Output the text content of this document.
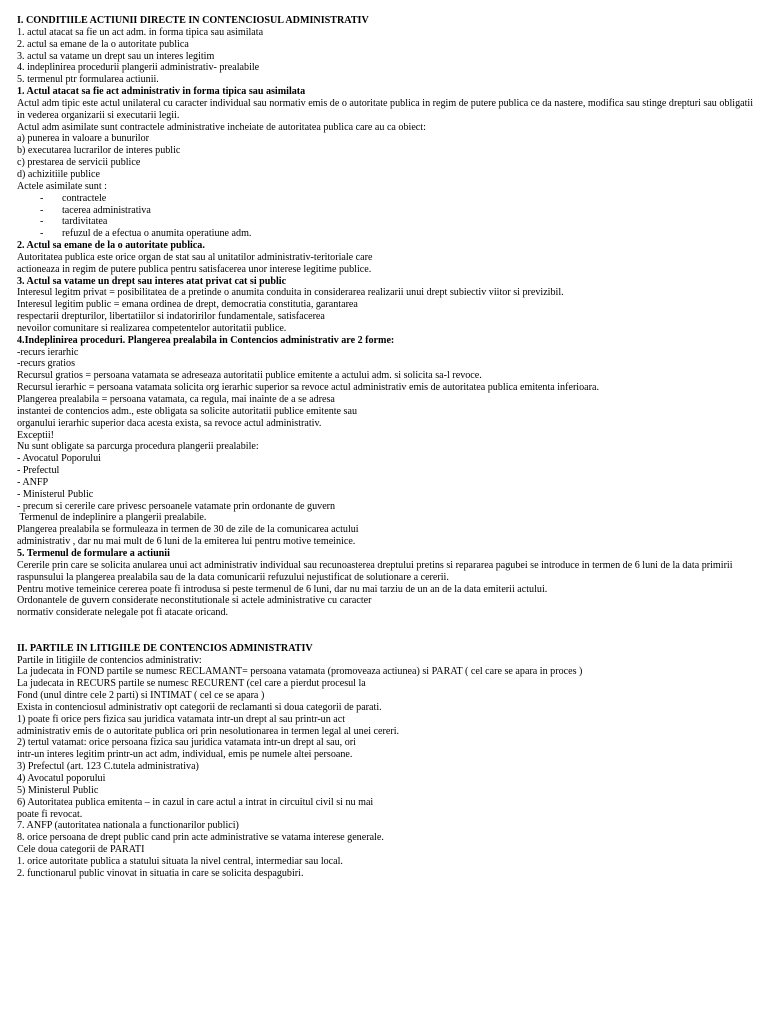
I. CONDITIILE ACTIUNII DIRECTE IN CONTENCIOSUL ADMINISTRATIV
1. actul atacat sa fie un act adm. in forma tipica sau asimilata
2. actul sa emane de la o autoritate publica
3. actul sa vatame un drept sau un interes legitim
4. indeplinirea procedurii plangerii administrativ- prealabile
5. termenul ptr formularea actiunii.
1. Actul atacat sa fie act administrativ in forma tipica sau asimilata
Actul adm tipic este actul unilateral cu caracter individual sau normativ emis de o autoritate publica in regim de putere publica ce da nastere, modifica sau stinge drepturi sau obligatii in vederea organizarii si executarii legii.
Actul adm asimilate sunt contractele administrative incheiate de autoritatea publica care au ca obiect:
a) punerea in valoare a bunurilor
b) executarea lucrarilor de interes public
c) prestarea de servicii publice
d) achizitiile publice
Actele asimilate sunt :
- contractele
- tacerea administrativa
- tardivitatea
- refuzul de a efectua o anumita operatiune adm.
2. Actul sa emane de la o autoritate publica.
Autoritatea publica este orice organ de stat sau al unitatilor administrativ-teritoriale care
actioneaza in regim de putere publica pentru satisfacerea unor interese legitime publice.
3. Actul sa vatame un drept sau interes atat privat cat si public
Interesul legitm privat = posibilitatea de a pretinde o anumita conduita in considerarea realizarii unui drept subiectiv viitor si previzibil.
Interesul legitim public = emana ordinea de drept, democratia constitutia, garantarea
respectarii drepturilor, libertatiilor si indatoririlor fundamentale, satisfacerea
nevoilor comunitare si realizarea competentelor autoritatii publice.
4.Indeplinirea proceduri. Plangerea prealabila in Contencios administrativ are 2 forme:
-recurs ierarhic
-recurs gratios
Recursul gratios = persoana vatamata se adreseaza autoritatii publice emitente a actului adm. si solicita sa-l revoce.
Recursul ierarhic = persoana vatamata solicita org ierarhic superior sa revoce actul administrativ emis de autoritatea publica emitenta inferioara.
Plangerea prealabila = persoana vatamata, ca regula, mai inainte de a se adresa
instantei de contencios adm., este obligata sa solicite autoritatii publice emitente sau
organului ierarhic superior daca acesta exista, sa revoce actul administrativ.
Exceptii!
Nu sunt obligate sa parcurga procedura plangerii prealabile:
- Avocatul Poporului
- Prefectul
- ANFP
- Ministerul Public
- precum si cererile care privesc persoanele vatamate prin ordonante de guvern
Termenul de indeplinire a plangerii prealabile.
Plangerea prealabila se formuleaza in termen de 30 de zile de la comunicarea actului
administrativ , dar nu mai mult de 6 luni de la emiterea lui pentru motive temeinice.
5. Termenul de formulare a actiunii
Cererile prin care se solicita anularea unui act administrativ individual sau recunoasterea dreptului pretins si repararea pagubei se introduce in termen de 6 luni de la data primirii raspunsului la plangerea prealabila sau de la data comunicarii refuzului nejustificat de solutionare a cererii.
Pentru motive temeinice cererea poate fi introdusa si peste termenul de 6 luni, dar nu mai tarziu de un an de la data emiterii actului.
Ordonantele de guvern considerate neconstitutionale si actele administrative cu caracter
normativ considerate nelegale pot fi atacate oricand.
II. PARTILE IN LITIGIILE DE CONTENCIOS ADMINISTRATIV
Partile in litigiile de contencios administrativ:
La judecata in FOND partile se numesc RECLAMANT= persoana vatamata (promoveaza actiunea) si PARAT ( cel care se apara in proces )
La judecata in RECURS partile se numesc RECURENT (cel care a pierdut procesul la
Fond (unul dintre cele 2 parti) si INTIMAT ( cel ce se apara )
Exista in contenciosul administrativ opt categorii de reclamanti si doua categorii de parati.
1) poate fi orice pers fizica sau juridica vatamata intr-un drept al sau printr-un act
administrativ emis de o autoritate publica ori prin nesolutionarea in termen legal al unei cereri.
2) tertul vatamat: orice persoana fizica sau juridica vatamata intr-un drept al sau, ori
intr-un interes legitim printr-un act adm, individual, emis pe numele altei persoane.
3) Prefectul (art. 123 C.tutela administrativa)
4) Avocatul poporului
5) Ministerul Public
6) Autoritatea publica emitenta – in cazul in care actul a intrat in circuitul civil si nu mai
poate fi revocat.
7. ANFP (autoritatea nationala a functionarilor publici)
8. orice persoana de drept public cand prin acte administrative se vatama interese generale.
Cele doua categorii de PARATI
1. orice autoritate publica a statului situata la nivel central, intermediar sau local.
2. functionarul public vinovat in situatia in care se solicita despagubiri.
